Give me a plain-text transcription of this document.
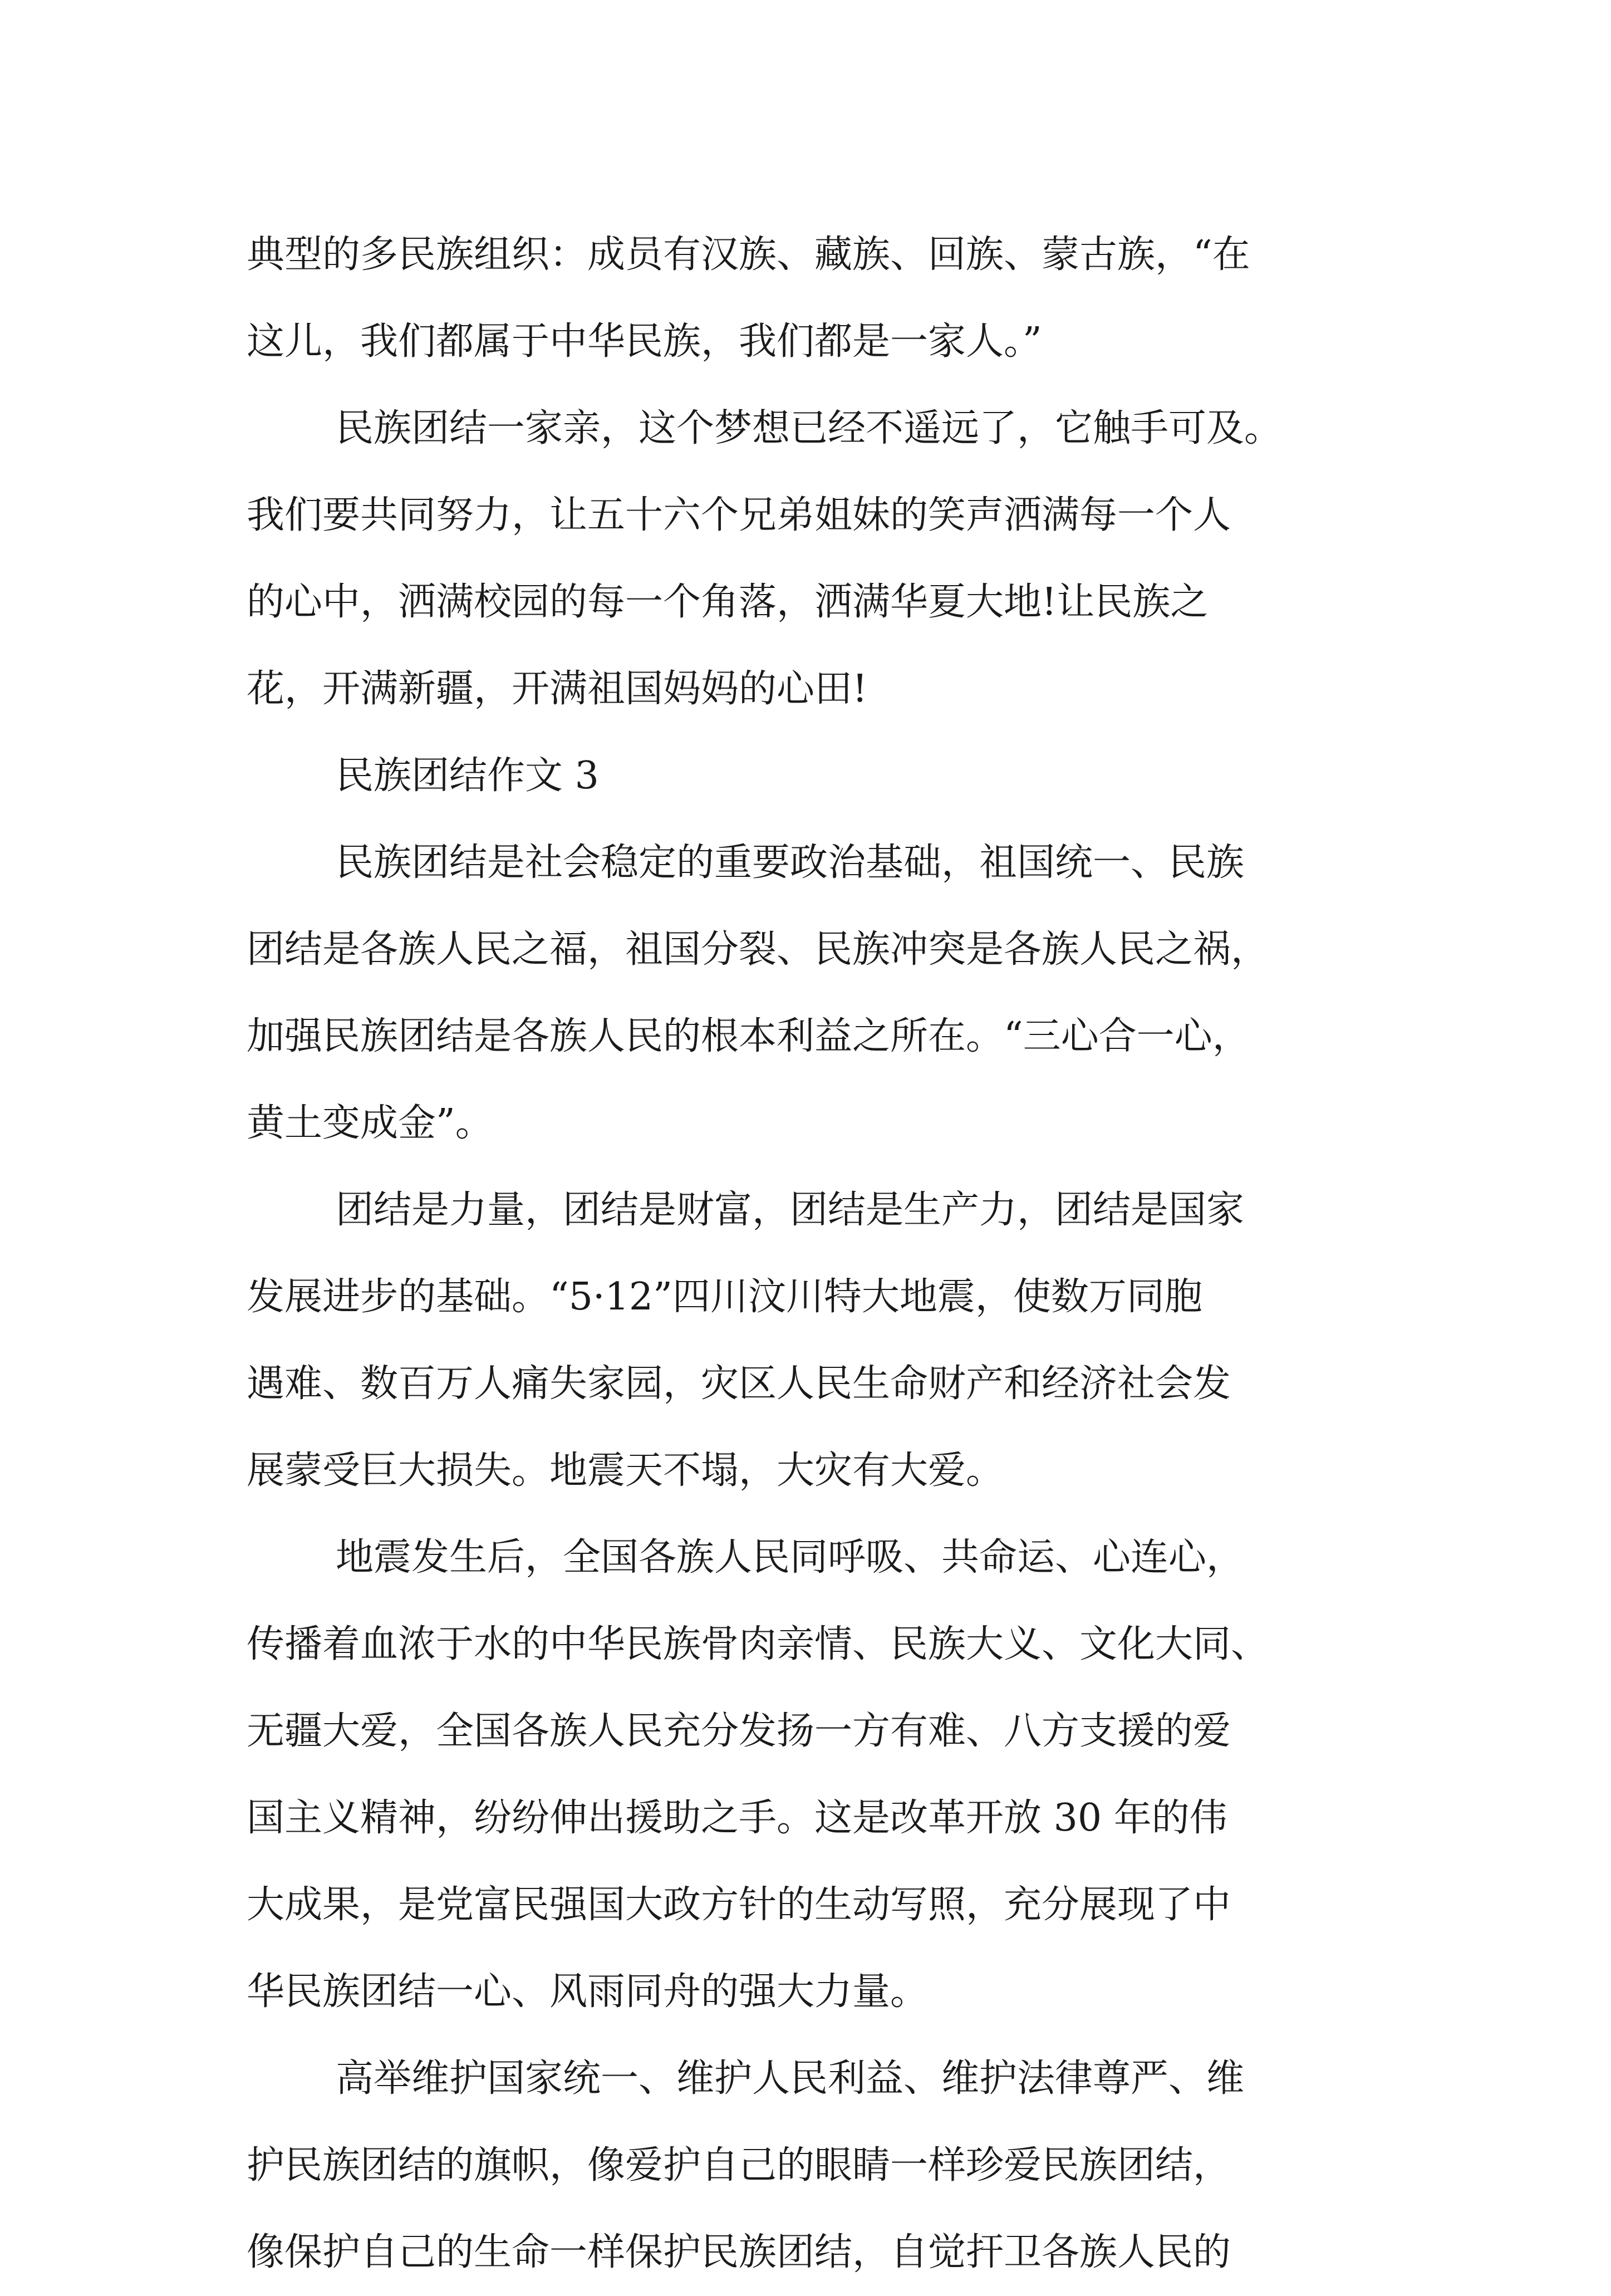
典型的多民族组织：成员有汉族、藏族、回族、蒙古族，“在
这儿，我们都属于中华民族，我们都是一家人。”
民族团结一家亲，这个梦想已经不遥远了，它触手可及。
我们要共同努力，让五十六个兄弟姐妹的笑声洒满每一个人
的心中，洒满校园的每一个角落，洒满华夏大地!让民族之
花，开满新疆，开满祖国妈妈的心田!
民族团结作文 3
民族团结是社会稳定的重要政治基础，祖国统一、民族
团结是各族人民之福，祖国分裂、民族冲突是各族人民之祸，
加强民族团结是各族人民的根本利益之所在。“三心合一心，
黄土变成金”。
团结是力量，团结是财富，团结是生产力，团结是国家
发展进步的基础。“5·12”四川汶川特大地震，使数万同胞
遇难、数百万人痛失家园，灾区人民生命财产和经济社会发
展蒙受巨大损失。地震天不塌，大灾有大爱。
地震发生后，全国各族人民同呼吸、共命运、心连心，
传播着血浓于水的中华民族骨肉亲情、民族大义、文化大同、
无疆大爱，全国各族人民充分发扬一方有难、八方支援的爱
国主义精神，纷纷伸出援助之手。这是改革开放 30 年的伟
大成果，是党富民强国大政方针的生动写照，充分展现了中
华民族团结一心、风雨同舟的强大力量。
高举维护国家统一、维护人民利益、维护法律尊严、维
护民族团结的旗帜，像爱护自己的眼睛一样珍爱民族团结，
像保护自己的生命一样保护民族团结，自觉扞卫各族人民的
